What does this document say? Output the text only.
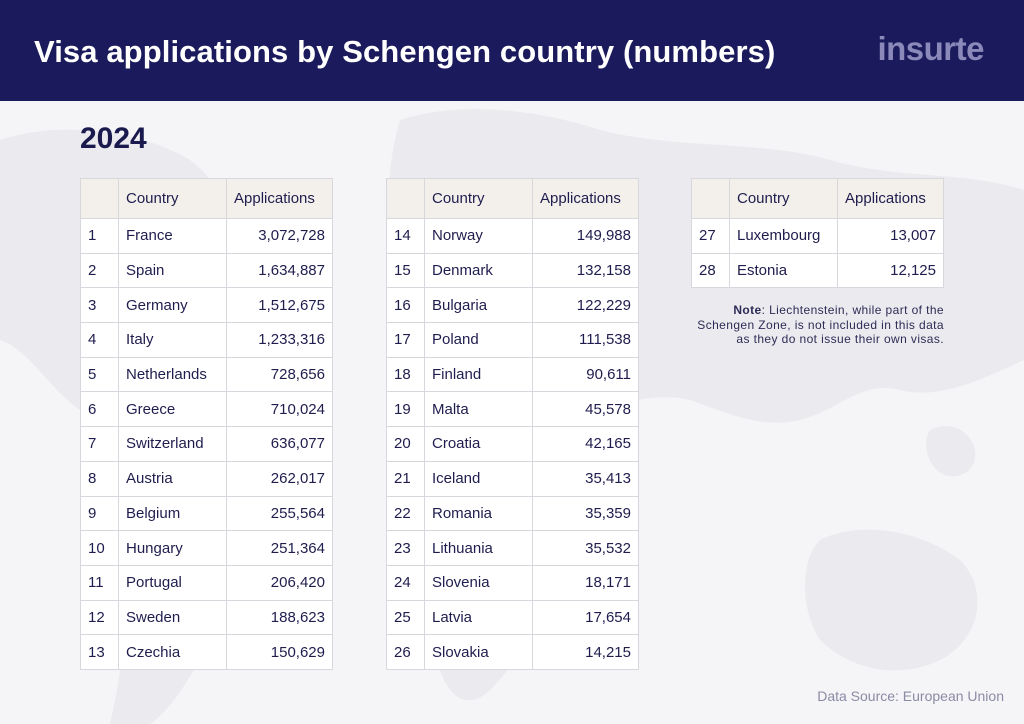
Visa applications by Schengen country (numbers)	insurte
2024
	Country	Applications
1	France	3,072,728
2	Spain	1,634,887
3	Germany	1,512,675
4	Italy	1,233,316
5	Netherlands	728,656
6	Greece	710,024
7	Switzerland	636,077
8	Austria	262,017
9	Belgium	255,564
10	Hungary	251,364
11	Portugal	206,420
12	Sweden	188,623
13	Czechia	150,629
	Country	Applications
14	Norway	149,988
15	Denmark	132,158
16	Bulgaria	122,229
17	Poland	111,538
18	Finland	90,611
19	Malta	45,578
20	Croatia	42,165
21	Iceland	35,413
22	Romania	35,359
23	Lithuania	35,532
24	Slovenia	18,171
25	Latvia	17,654
26	Slovakia	14,215
	Country	Applications
27	Luxembourg	13,007
28	Estonia	12,125
Note: Liechtenstein, while part of the Schengen Zone, is not included in this data as they do not issue their own visas.
Data Source: European Union
